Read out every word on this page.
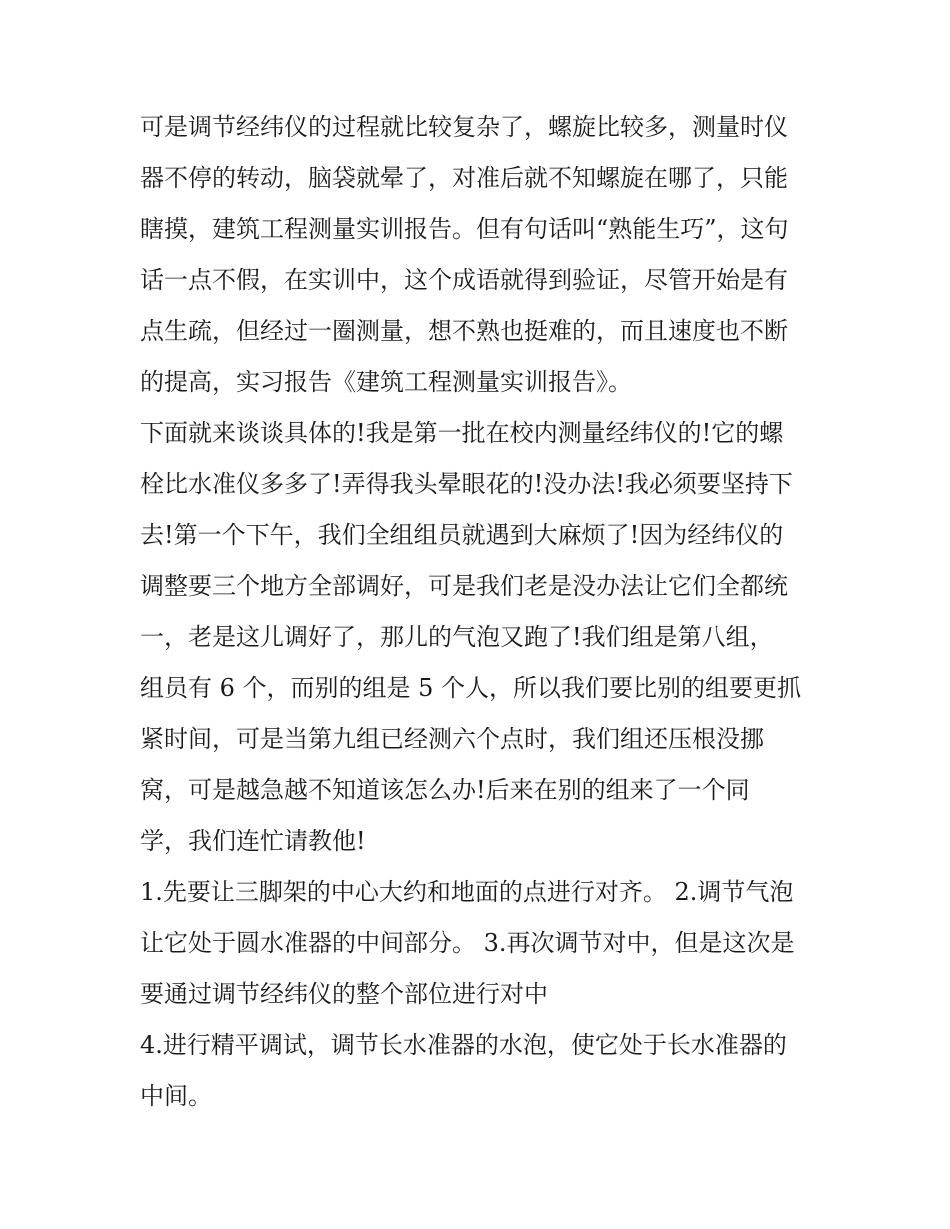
可是调节经纬仪的过程就比较复杂了，螺旋比较多，测量时仪

器不停的转动，脑袋就晕了，对准后就不知螺旋在哪了，只能

瞎摸，建筑工程测量实训报告。但有句话叫“熟能生巧”，这句

话一点不假，在实训中，这个成语就得到验证，尽管开始是有

点生疏，但经过一圈测量，想不熟也挺难的，而且速度也不断

的提高，实习报告《建筑工程测量实训报告》。

下面就来谈谈具体的!我是第一批在校内测量经纬仪的!它的螺

栓比水准仪多多了!弄得我头晕眼花的!没办法!我必须要坚持下

去!第一个下午，我们全组组员就遇到大麻烦了!因为经纬仪的

调整要三个地方全部调好，可是我们老是没办法让它们全都统

一，老是这儿调好了，那儿的气泡又跑了!我们组是第八组，

组员有 6 个，而别的组是 5 个人，所以我们要比别的组要更抓

紧时间，可是当第九组已经测六个点时，我们组还压根没挪

窝，可是越急越不知道该怎么办!后来在别的组来了一个同

学，我们连忙请教他!

1.先要让三脚架的中心大约和地面的点进行对齐。 2.调节气泡

让它处于圆水准器的中间部分。 3.再次调节对中，但是这次是

要通过调节经纬仪的整个部位进行对中

4.进行精平调试，调节长水准器的水泡，使它处于长水准器的

中间。
